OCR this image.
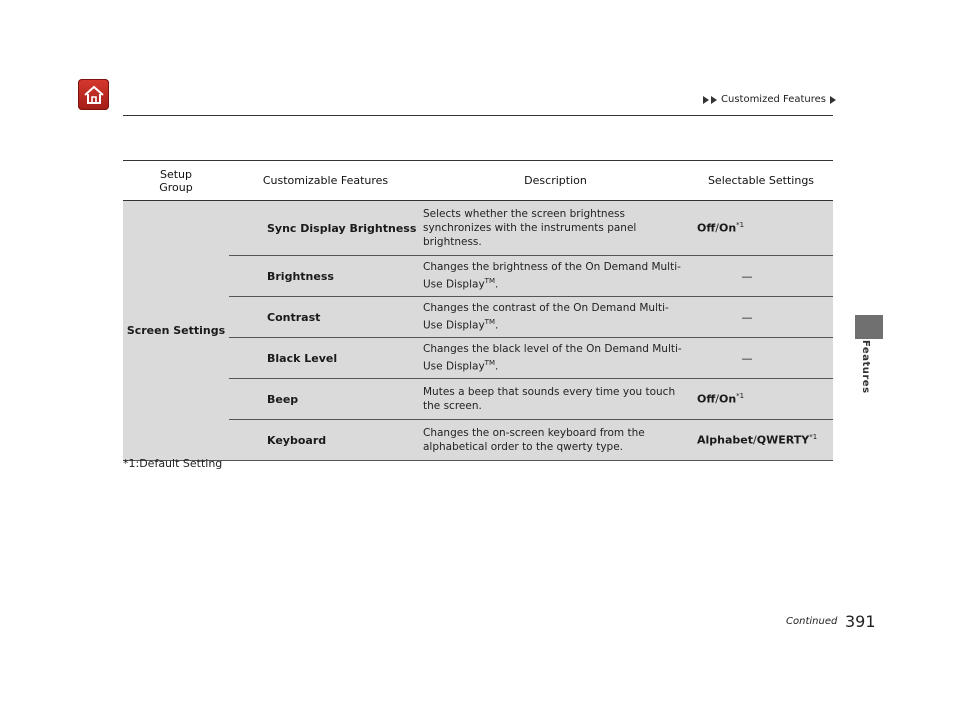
Customized Features
Setup
Group	Customizable Features	Description	Selectable Settings
Screen Settings	Sync Display Brightness	Selects whether the screen brightness synchronizes with the instruments panel brightness.	Off/On$^{*1}$
	Brightness	Changes the brightness of the On Demand Multi-Use Display™.	—

	Contrast	Changes the contrast of the On Demand Multi-Use Display™.	—

	Black Level	Changes the black level of the On Demand Multi-Use Display™.	—

	Beep	Mutes a beep that sounds every time you touch the screen.	Off/On$^{*1}$
	Keyboard	Changes the on-screen keyboard from the alphabetical order to the qwerty type.	Alphabet/QWERTY$^{*1}$
*1:Default Setting
Features
Continued 391
